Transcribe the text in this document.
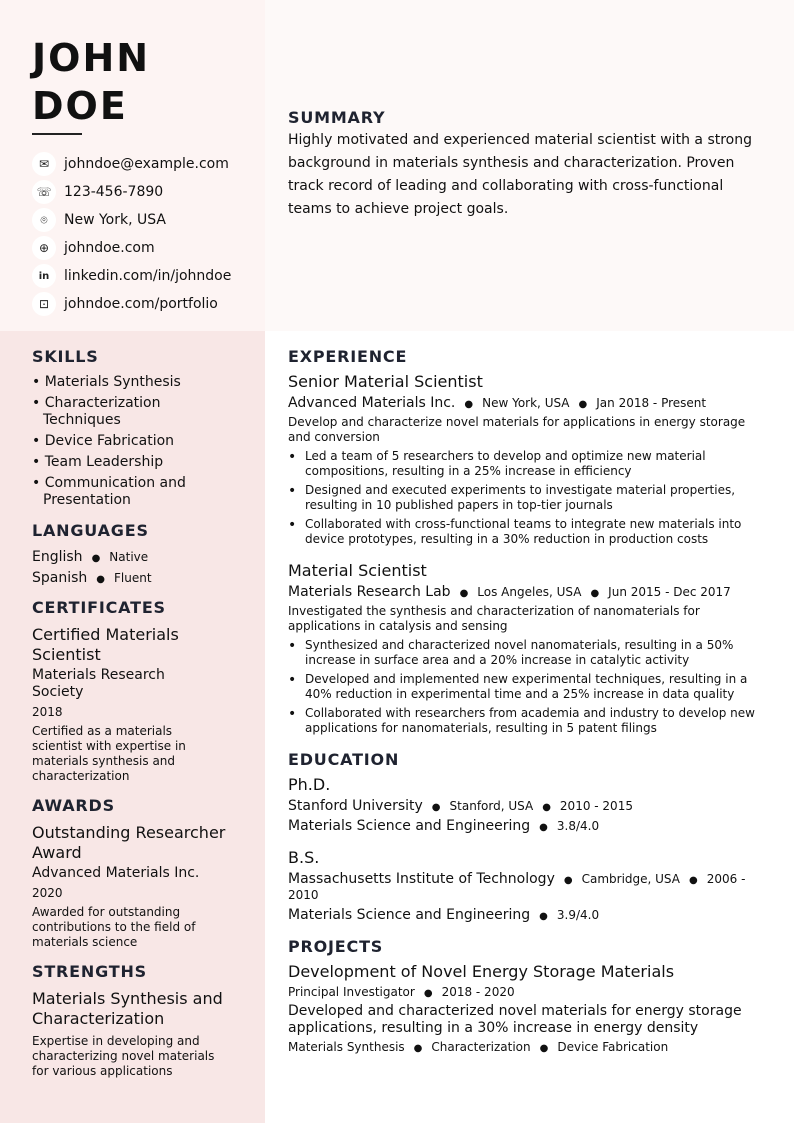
JOHN
DOE
✉	johndoe@example.com
☏ 123-456-7890
⌾	New York, USA
⊕	johndoe.com
in	linkedin.com/in/johndoe
⊡	johndoe.com/portfolio
SUMMARY

Highly motivated and experienced material scientist with a strong background in materials synthesis and characterization. Proven track record of leading and collaborating with cross-functional teams to achieve project goals.

SKILLS
• Materials Synthesis
• Characterization Techniques
• Device Fabrication
• Team Leadership
• Communication and Presentation
LANGUAGES
English ● Native
Spanish ● Fluent
CERTIFICATES
Certified Materials Scientist
Materials Research Society
2018
Certified as a materials scientist with expertise in materials synthesis and characterization
AWARDS
Outstanding Researcher Award
Advanced Materials Inc.
2020
Awarded for outstanding contributions to the field of materials science
STRENGTHS
Materials Synthesis and Characterization
Expertise in developing and characterizing novel materials for various applications
EXPERIENCE
Senior Material Scientist
Advanced Materials Inc. ● New York, USA ● Jan 2018 - Present
Develop and characterize novel materials for applications in energy storage and conversion
• Led a team of 5 researchers to develop and optimize new material compositions, resulting in a 25% increase in efficiency
• Designed and executed experiments to investigate material properties, resulting in 10 published papers in top-tier journals
• Collaborated with cross-functional teams to integrate new materials into device prototypes, resulting in a 30% reduction in production costs
Material Scientist
Materials Research Lab ● Los Angeles, USA ● Jun 2015 - Dec 2017
Investigated the synthesis and characterization of nanomaterials for applications in catalysis and sensing
• Synthesized and characterized novel nanomaterials, resulting in a 50% increase in surface area and a 20% increase in catalytic activity
• Developed and implemented new experimental techniques, resulting in a 40% reduction in experimental time and a 25% increase in data quality
• Collaborated with researchers from academia and industry to develop new applications for nanomaterials, resulting in 5 patent filings
EDUCATION
Ph.D.
Stanford University ● Stanford, USA ● 2010 - 2015
Materials Science and Engineering ● 3.8/4.0
B.S.
Massachusetts Institute of Technology ● Cambridge, USA ● 2006 - 2010
Materials Science and Engineering ● 3.9/4.0
PROJECTS
Development of Novel Energy Storage Materials
Principal Investigator ● 2018 - 2020
Developed and characterized novel materials for energy storage applications, resulting in a 30% increase in energy density
Materials Synthesis ● Characterization ● Device Fabrication
